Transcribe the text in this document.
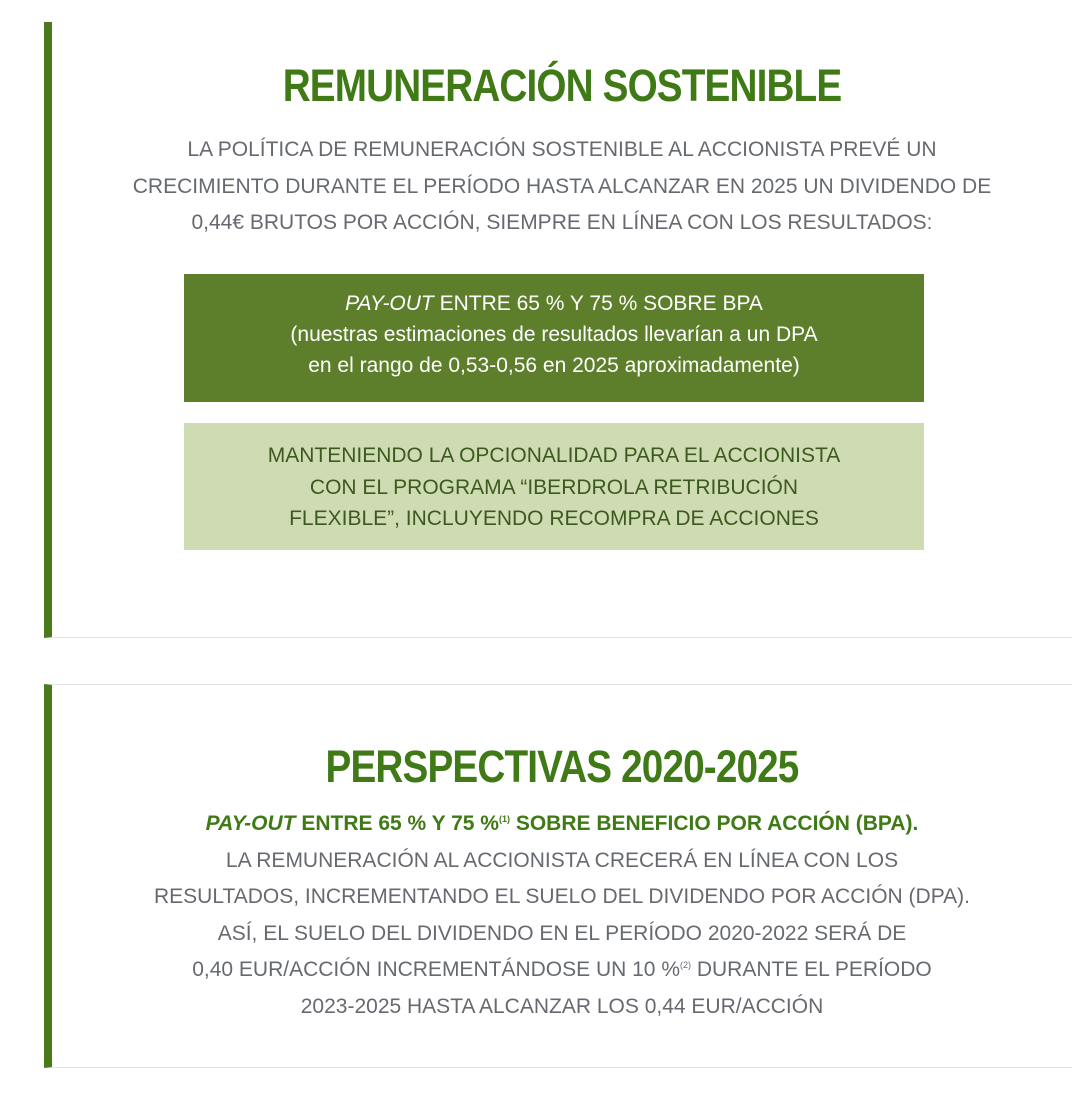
REMUNERACIÓN SOSTENIBLE

LA POLÍTICA DE REMUNERACIÓN SOSTENIBLE AL ACCIONISTA PREVÉ UN
CRECIMIENTO DURANTE EL PERÍODO HASTA ALCANZAR EN 2025 UN DIVIDENDO DE
0,44€ BRUTOS POR ACCIÓN, SIEMPRE EN LÍNEA CON LOS RESULTADOS:

PAY-OUT ENTRE 65 % Y 75 % SOBRE BPA
(nuestras estimaciones de resultados llevarían a un DPA
en el rango de 0,53-0,56 en 2025 aproximadamente)
MANTENIENDO LA OPCIONALIDAD PARA EL ACCIONISTA
CON EL PROGRAMA “IBERDROLA RETRIBUCIÓN
FLEXIBLE”, INCLUYENDO RECOMPRA DE ACCIONES
PERSPECTIVAS 2020-2025

PAY-OUT ENTRE 65 % Y 75 %$^{(1)}$ SOBRE BENEFICIO POR ACCIÓN (BPA).
LA REMUNERACIÓN AL ACCIONISTA CRECERÁ EN LÍNEA CON LOS
RESULTADOS, INCREMENTANDO EL SUELO DEL DIVIDENDO POR ACCIÓN (DPA).
ASÍ, EL SUELO DEL DIVIDENDO EN EL PERÍODO 2020-2022 SERÁ DE
0,40 EUR/ACCIÓN INCREMENTÁNDOSE UN 10 %$^{(2)}$ DURANTE EL PERÍODO
2023-2025 HASTA ALCANZAR LOS 0,44 EUR/ACCIÓN
